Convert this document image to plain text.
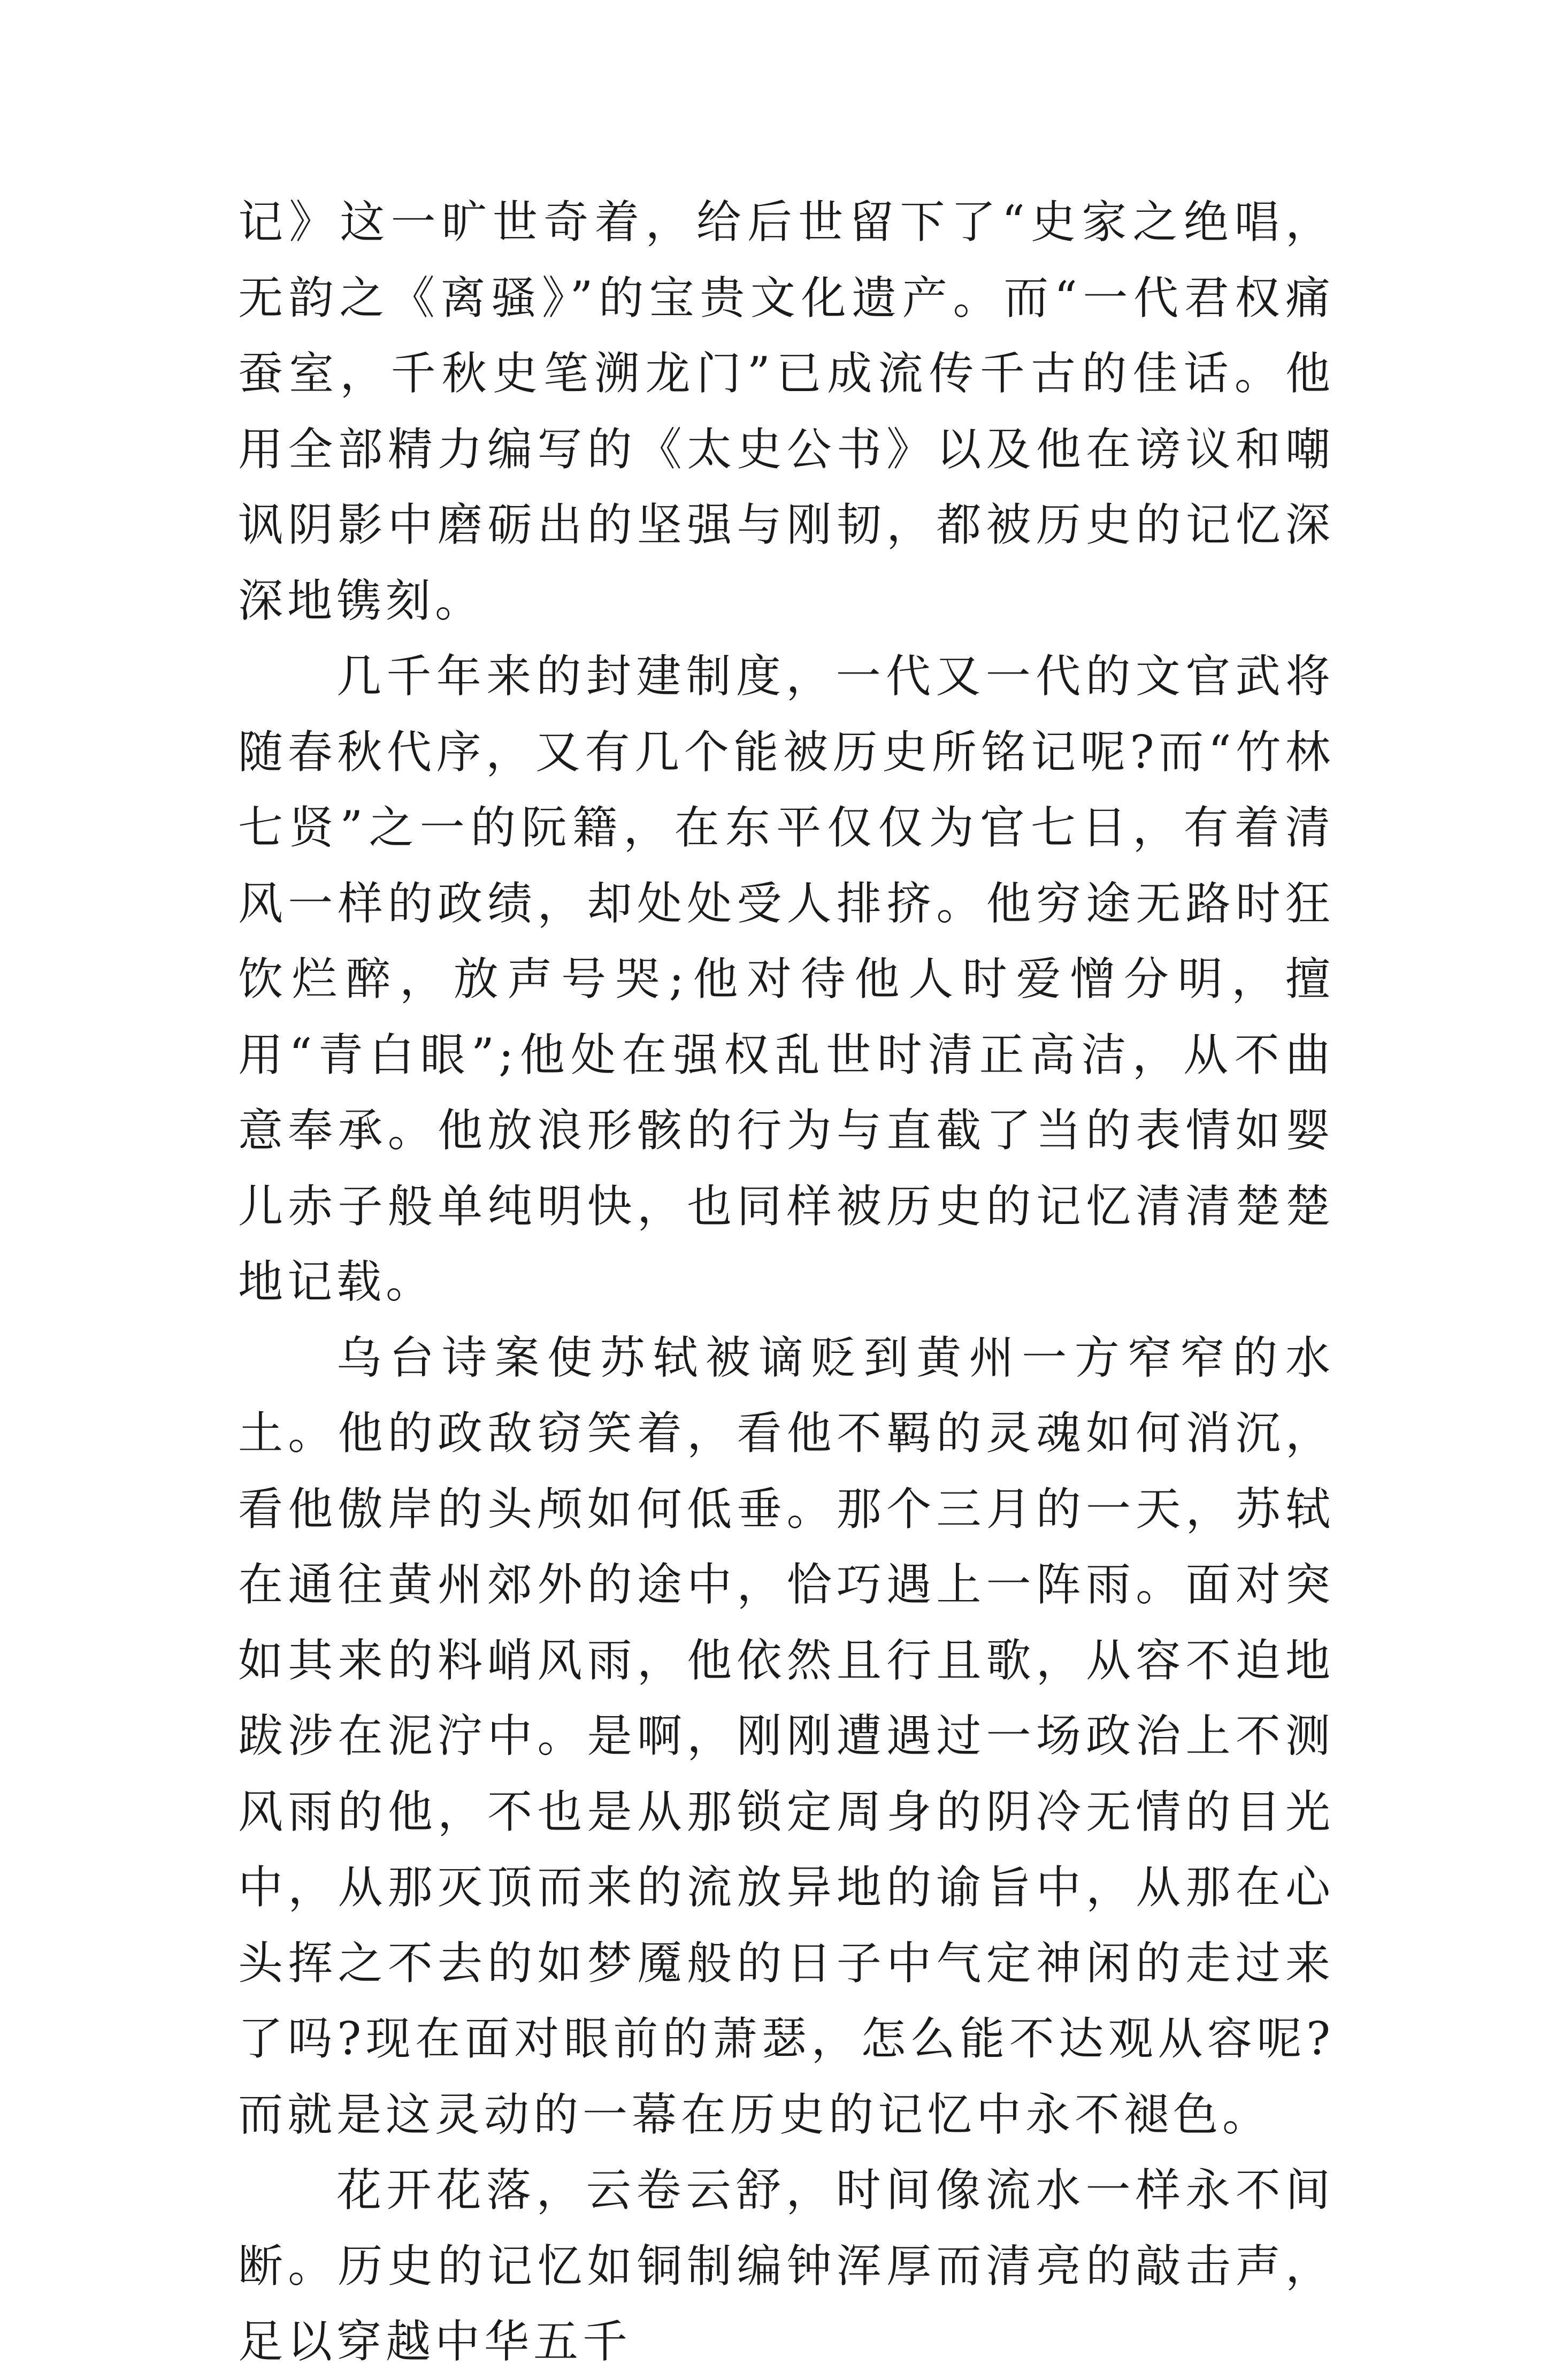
记》这一旷世奇着，给后世留下了“史家之绝唱，无韵之《离骚》”的宝贵文化遗产。而“一代君权痛蚕室，千秋史笔溯龙门”已成流传千古的佳话。他用全部精力编写的《太史公书》以及他在谤议和嘲讽阴影中磨砺出的坚强与刚韧，都被历史的记忆深深地镌刻。

几千年来的封建制度，一代又一代的文官武将随春秋代序，又有几个能被历史所铭记呢?而“竹林七贤”之一的阮籍，在东平仅仅为官七日，有着清风一样的政绩，却处处受人排挤。他穷途无路时狂饮烂醉，放声号哭;他对待他人时爱憎分明，擅用“青白眼”;他处在强权乱世时清正高洁，从不曲意奉承。他放浪形骸的行为与直截了当的表情如婴儿赤子般单纯明快，也同样被历史的记忆清清楚楚地记载。

乌台诗案使苏轼被谪贬到黄州一方窄窄的水土。他的政敌窃笑着，看他不羁的灵魂如何消沉，看他傲岸的头颅如何低垂。那个三月的一天，苏轼在通往黄州郊外的途中，恰巧遇上一阵雨。面对突如其来的料峭风雨，他依然且行且歌，从容不迫地跋涉在泥泞中。是啊，刚刚遭遇过一场政治上不测风雨的他，不也是从那锁定周身的阴冷无情的目光中，从那灭顶而来的流放异地的谕旨中，从那在心头挥之不去的如梦魇般的日子中气定神闲的走过来了吗?现在面对眼前的萧瑟，怎么能不达观从容呢?而就是这灵动的一幕在历史的记忆中永不褪色。

花开花落，云卷云舒，时间像流水一样永不间断。历史的记忆如铜制编钟浑厚而清亮的敲击声，足以穿越中华五千
